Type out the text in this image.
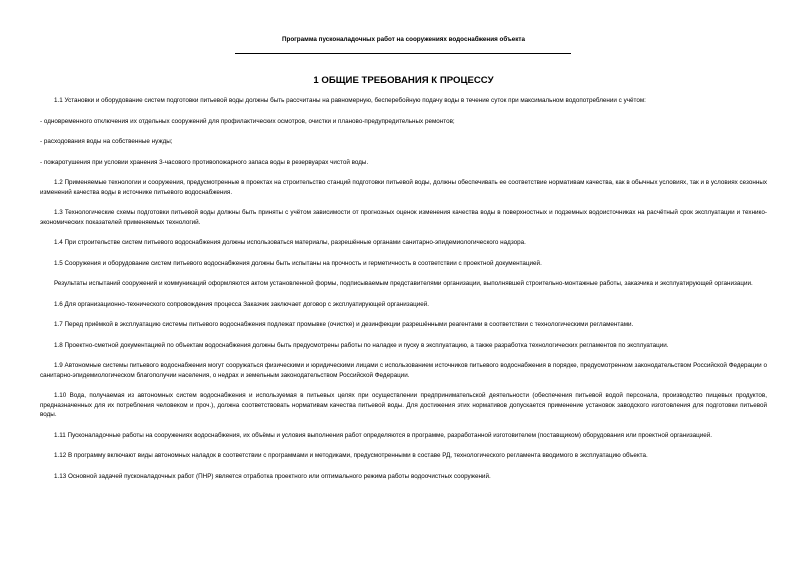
Программа пусконаладочных работ на сооружениях водоснабжения объекта
1 ОБЩИЕ ТРЕБОВАНИЯ К ПРОЦЕССУ

1.1 Установки и оборудование систем подготовки питьевой воды должны быть рассчитаны на равномерную, бесперебойную подачу воды в течение суток при максимальном водопотреблении с учётом:

- одновременного отключения их отдельных сооружений для профилактических осмотров, очистки и планово-предупредительных ремонтов;

- расходования воды на собственные нужды;

- пожаротушения при условии хранения 3-часового противопожарного запаса воды в резервуарах чистой воды.

1.2 Применяемые технологии и сооружения, предусмотренные в проектах на строительство станций подготовки питьевой воды, должны обеспечивать ее соответствие нормативам качества, как в обычных условиях, так и в условиях сезонных изменений качества воды в источнике питьевого водоснабжения.

1.3 Технологические схемы подготовки питьевой воды должны быть приняты с учётом зависимости от прогнозных оценок изменения качества воды в поверхностных и подземных водоисточниках на расчётный срок эксплуатации и технико-экономических показателей применяемых технологий.

1.4 При строительстве систем питьевого водоснабжения должны использоваться материалы, разрешённые органами санитарно-эпидемиологического надзора.

1.5 Сооружения и оборудование систем питьевого водоснабжения должны быть испытаны на прочность и герметичность в соответствии с проектной документацией.

Результаты испытаний сооружений и коммуникаций оформляются актом установленной формы, подписываемым представителями организации, выполнявшей строительно-монтажные работы, заказчика и эксплуатирующей организации.

1.6 Для организационно-технического сопровождения процесса Заказчик заключает договор с эксплуатирующей организацией.

1.7 Перед приёмкой в эксплуатацию системы питьевого водоснабжения подлежат промывке (очистке) и дезинфекции разрешёнными реагентами в соответствии с технологическими регламентами.

1.8 Проектно-сметной документацией по объектам водоснабжения должны быть предусмотрены работы по наладке и пуску в эксплуатацию, а также разработка технологических регламентов по эксплуатации.

1.9 Автономные системы питьевого водоснабжения могут сооружаться физическими и юридическими лицами с использованием источников питьевого водоснабжения в порядке, предусмотренном законодательством Российской Федерации о санитарно-эпидемиологическом благополучии населения, о недрах и земельным законодательством Российской Федерации.

1.10 Вода, получаемая из автономных систем водоснабжения и используемая в питьевых целях при осуществлении предпринимательской деятельности (обеспечения питьевой водой персонала, производство пищевых продуктов, предназначенных для их потребления человеком и проч.), должна соответствовать нормативам качества питьевой воды. Для достижения этих нормативов допускается применение установок заводского изготовления для подготовки питьевой воды.

1.11 Пусконаладочные работы на сооружениях водоснабжения, их объёмы и условия выполнения работ определяются в программе, разработанной изготовителем (поставщиком) оборудования или проектной организацией.

1.12 В программу включают виды автономных наладок в соответствии с программами и методиками, предусмотренными в составе РД, технологического регламента вводимого в эксплуатацию объекта.

1.13 Основной задачей пусконаладочных работ (ПНР) является отработка проектного или оптимального режима работы водоочистных сооружений.
